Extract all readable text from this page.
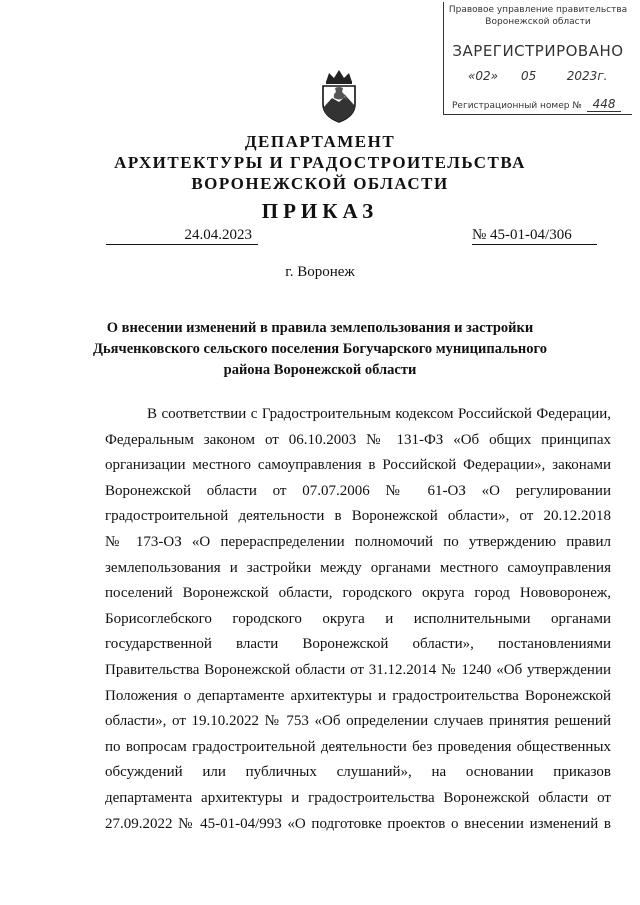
Правовое управление правительства
Воронежской области
ЗАРЕГИСТРИРОВАНО
«02» 05	2023г.
Регистрационный номер № 448
ДЕПАРТАМЕНТ
АРХИТЕКТУРЫ И ГРАДОСТРОИТЕЛЬСТВА
ВОРОНЕЖСКОЙ ОБЛАСТИ
ПРИКАЗ
24.04.2023	№ 45-01-04/306
г. Воронеж
О внесении изменений в правила землепользования и застройки
Дьяченковского сельского поселения Богучарского муниципального
района Воронежской области
В соответствии с Градостроительным кодексом Российской Федерации,
Федеральным законом от 06.10.2003 № 131-ФЗ «Об общих принципах
организации местного самоуправления в Российской Федерации», законами
Воронежской области от 07.07.2006 № 61-ОЗ «О регулировании
градостроительной деятельности в Воронежской области», от 20.12.2018
№ 173-ОЗ «О перераспределении полномочий по утверждению правил
землепользования и застройки между органами местного самоуправления
поселений Воронежской области, городского округа город Нововоронеж,
Борисоглебского городского округа и исполнительными органами
государственной власти Воронежской области», постановлениями
Правительства Воронежской области от 31.12.2014 № 1240 «Об утверждении
Положения о департаменте архитектуры и градостроительства Воронежской
области», от 19.10.2022 № 753 «Об определении случаев принятия решений
по вопросам градостроительной деятельности без проведения общественных
обсуждений или публичных слушаний», на основании приказов
департамента архитектуры и градостроительства Воронежской области от
27.09.2022 № 45-01-04/993 «О подготовке проектов о внесении изменений в
